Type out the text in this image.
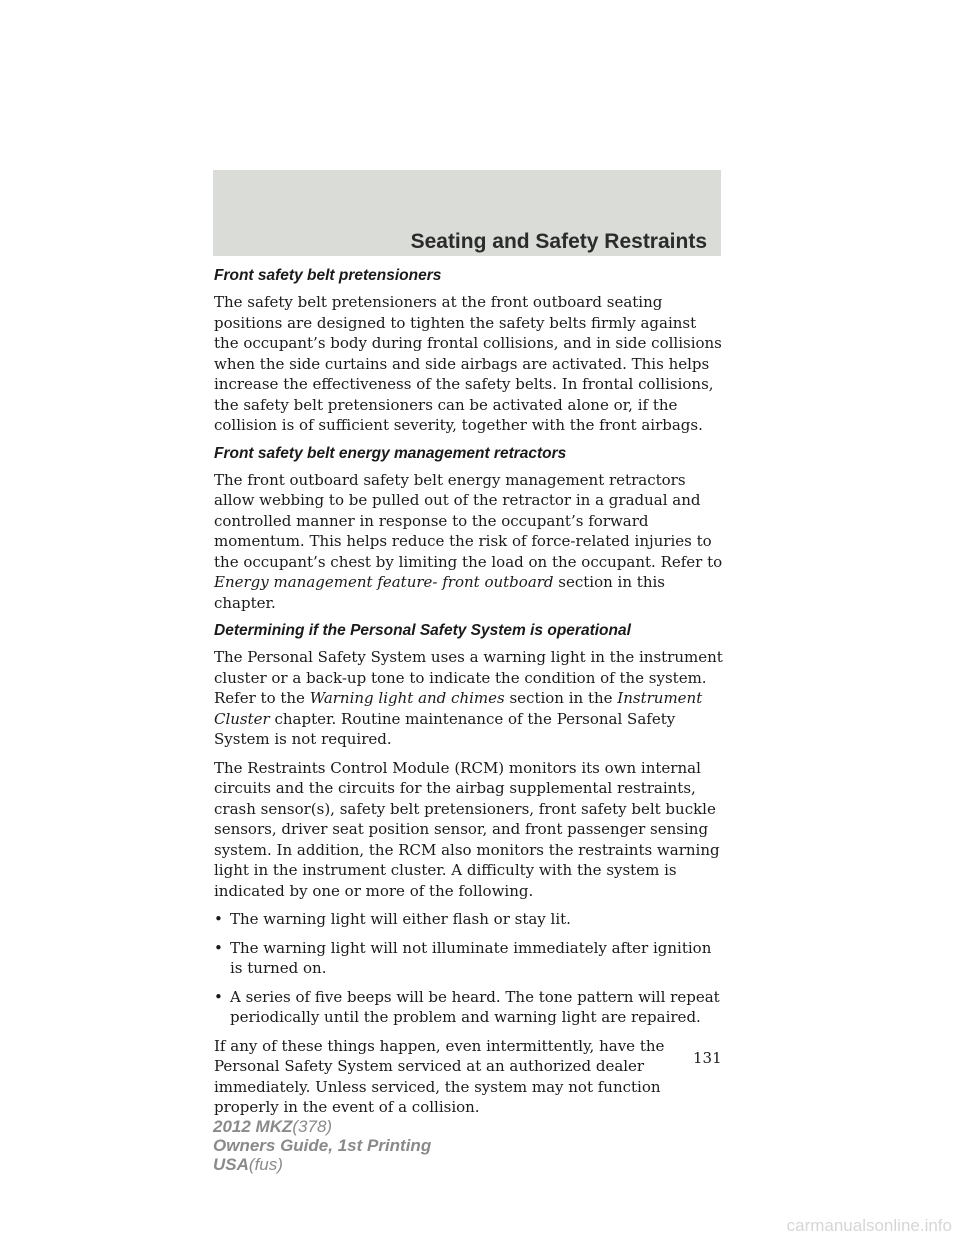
Seating and Safety Restraints
Front safety belt pretensioners

The safety belt pretensioners at the front outboard seating positions are designed to tighten the safety belts firmly against the occupant’s body during frontal collisions, and in side collisions when the side curtains and side airbags are activated. This helps increase the effectiveness of the safety belts. In frontal collisions, the safety belt pretensioners can be activated alone or, if the collision is of sufficient severity, together with the front airbags.

Front safety belt energy management retractors

The front outboard safety belt energy management retractors allow webbing to be pulled out of the retractor in a gradual and controlled manner in response to the occupant’s forward momentum. This helps reduce the risk of force-related injuries to the occupant’s chest by limiting the load on the occupant. Refer to Energy management feature- front outboard section in this chapter.

Determining if the Personal Safety System is operational

The Personal Safety System uses a warning light in the instrument cluster or a back-up tone to indicate the condition of the system. Refer to the Warning light and chimes section in the Instrument Cluster chapter. Routine maintenance of the Personal Safety System is not required.

The Restraints Control Module (RCM) monitors its own internal circuits and the circuits for the airbag supplemental restraints, crash sensor(s), safety belt pretensioners, front safety belt buckle sensors, driver seat position sensor, and front passenger sensing system. In addition, the RCM also monitors the restraints warning light in the instrument cluster. A difficulty with the system is indicated by one or more of the following.

• The warning light will either flash or stay lit.
• The warning light will not illuminate immediately after ignition is turned on.
• A series of five beeps will be heard. The tone pattern will repeat periodically until the problem and warning light are repaired.

If any of these things happen, even intermittently, have the Personal Safety System serviced at an authorized dealer immediately. Unless serviced, the system may not function properly in the event of a collision.

131
2012 MKZ(378)
Owners Guide, 1st Printing
USA(fus)
carmanualsonline.info
